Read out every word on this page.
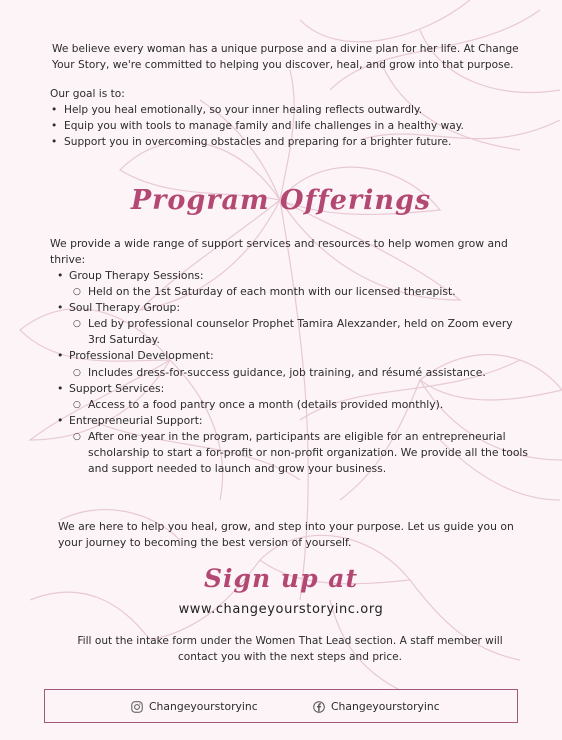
We believe every woman has a unique purpose and a divine plan for her life. At Change Your Story, we're committed to helping you discover, heal, and grow into that purpose.

Our goal is to:

• Help you heal emotionally, so your inner healing reflects outwardly.
• Equip you with tools to manage family and life challenges in a healthy way.
• Support you in overcoming obstacles and preparing for a brighter future.
Program Offerings

We provide a wide range of support services and resources to help women grow and thrive:

• Group Therapy Sessions:
○ Held on the 1st Saturday of each month with our licensed therapist.
• Soul Therapy Group:
○ Led by professional counselor Prophet Tamira Alexzander, held on Zoom every 3rd Saturday.
• Professional Development:
○ Includes dress-for-success guidance, job training, and résumé assistance.
• Support Services:
○ Access to a food pantry once a month (details provided monthly).
• Entrepreneurial Support:
○ After one year in the program, participants are eligible for an entrepreneurial scholarship to start a for-profit or non-profit organization. We provide all the tools and support needed to launch and grow your business.

We are here to help you heal, grow, and step into your purpose. Let us guide you on your journey to becoming the best version of yourself.

Sign up at

www.changeyourstoryinc.org

Fill out the intake form under the Women That Lead section. A staff member will contact you with the next steps and price.

Changeyourstoryinc	Changeyourstoryinc
